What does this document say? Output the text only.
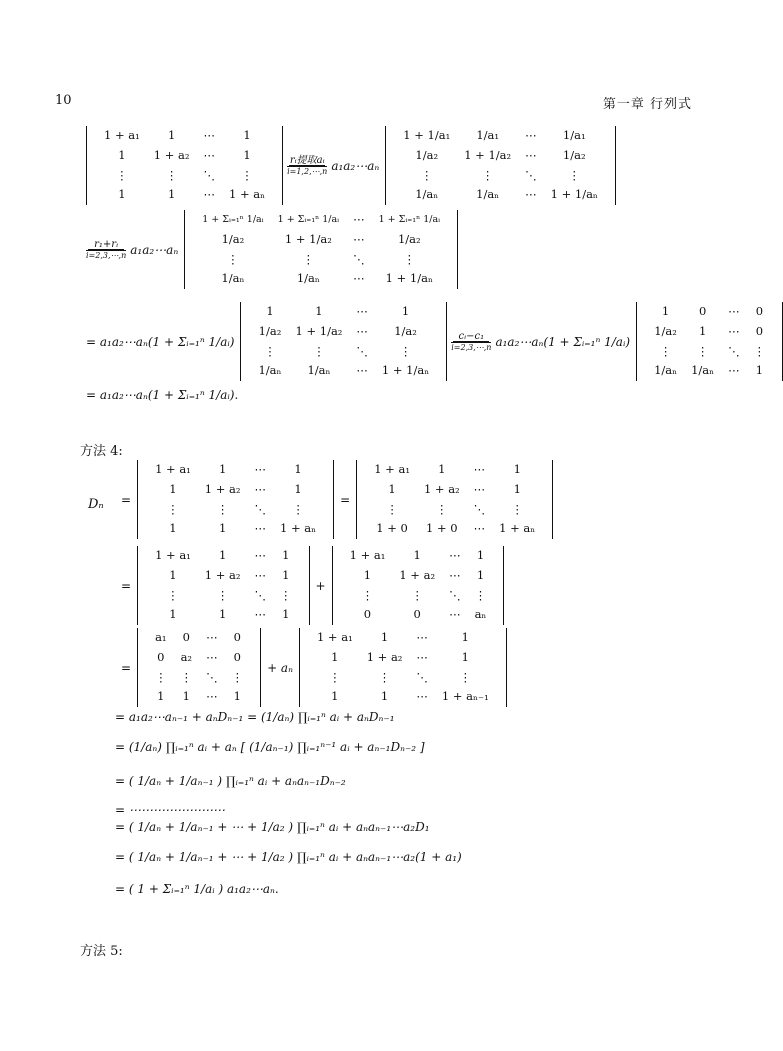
10	第一章 行列式
1 + a₁	1	⋯	1
1	1 + a₂	⋯	1
⋮	⋮	⋱	⋮
1	1	⋯	1 + aₙ
rᵢ提取aᵢ
i=1,2,⋯,n a₁a₂⋯aₙ
1 + 1/a₁	1/a₁	⋯	1/a₁
1/a₂	1 + 1/a₂	⋯	1/a₂
⋮	⋮	⋱	⋮
1/aₙ	1/aₙ	⋯	1 + 1/aₙ
r₁+rᵢ
i=2,3,⋯,n a₁a₂⋯aₙ
1 + Σᵢ₌₁ⁿ 1/aᵢ	1 + Σᵢ₌₁ⁿ 1/aᵢ	⋯	1 + Σᵢ₌₁ⁿ 1/aᵢ
1/a₂	1 + 1/a₂	⋯	1/a₂
⋮	⋮	⋱	⋮
1/aₙ	1/aₙ	⋯	1 + 1/aₙ
= a₁a₂⋯aₙ(1 + Σᵢ₌₁ⁿ 1/aᵢ)
1	1	⋯	1
1/a₂	1 + 1/a₂	⋯	1/a₂
⋮	⋮	⋱	⋮
1/aₙ	1/aₙ	⋯	1 + 1/aₙ
cᵢ−c₁
i=2,3,⋯,n a₁a₂⋯aₙ(1 + Σᵢ₌₁ⁿ 1/aᵢ)
1	0	⋯	0
1/a₂	1	⋯	0
⋮	⋮	⋱	⋮
1/aₙ	1/aₙ	⋯	1
= a₁a₂⋯aₙ(1 + Σᵢ₌₁ⁿ 1/aᵢ).
方法 4:
Dₙ	=
1 + a₁	1	⋯	1
1	1 + a₂	⋯	1
⋮	⋮	⋱	⋮
1	1	⋯	1 + aₙ
=
1 + a₁	1	⋯	1
1	1 + a₂	⋯	1
⋮	⋮	⋱	⋮
1 + 0	1 + 0	⋯	1 + aₙ
=
1 + a₁	1	⋯	1
1	1 + a₂	⋯	1
⋮	⋮	⋱	⋮
1	1	⋯	1
+
1 + a₁	1	⋯	1
1	1 + a₂	⋯	1
⋮	⋮	⋱	⋮
0	0	⋯	aₙ
=
a₁	0	⋯	0
0	a₂	⋯	0
⋮	⋮	⋱	⋮
1	1	⋯	1
+ aₙ
1 + a₁	1	⋯	1
1	1 + a₂	⋯	1
⋮	⋮	⋱	⋮
1	1	⋯	1 + aₙ₋₁
= a₁a₂⋯aₙ₋₁ + aₙDₙ₋₁ = (1/aₙ) ∏ᵢ₌₁ⁿ aᵢ + aₙDₙ₋₁
= (1/aₙ) ∏ᵢ₌₁ⁿ aᵢ + aₙ [ (1/aₙ₋₁) ∏ᵢ₌₁ⁿ⁻¹ aᵢ + aₙ₋₁Dₙ₋₂ ]
= ( 1/aₙ + 1/aₙ₋₁ ) ∏ᵢ₌₁ⁿ aᵢ + aₙaₙ₋₁Dₙ₋₂
= ⋯⋯⋯⋯⋯⋯⋯⋯
= ( 1/aₙ + 1/aₙ₋₁ + ⋯ + 1/a₂ ) ∏ᵢ₌₁ⁿ aᵢ + aₙaₙ₋₁⋯a₂D₁
= ( 1/aₙ + 1/aₙ₋₁ + ⋯ + 1/a₂ ) ∏ᵢ₌₁ⁿ aᵢ + aₙaₙ₋₁⋯a₂(1 + a₁)
= ( 1 + Σᵢ₌₁ⁿ 1/aᵢ ) a₁a₂⋯aₙ.
方法 5:
